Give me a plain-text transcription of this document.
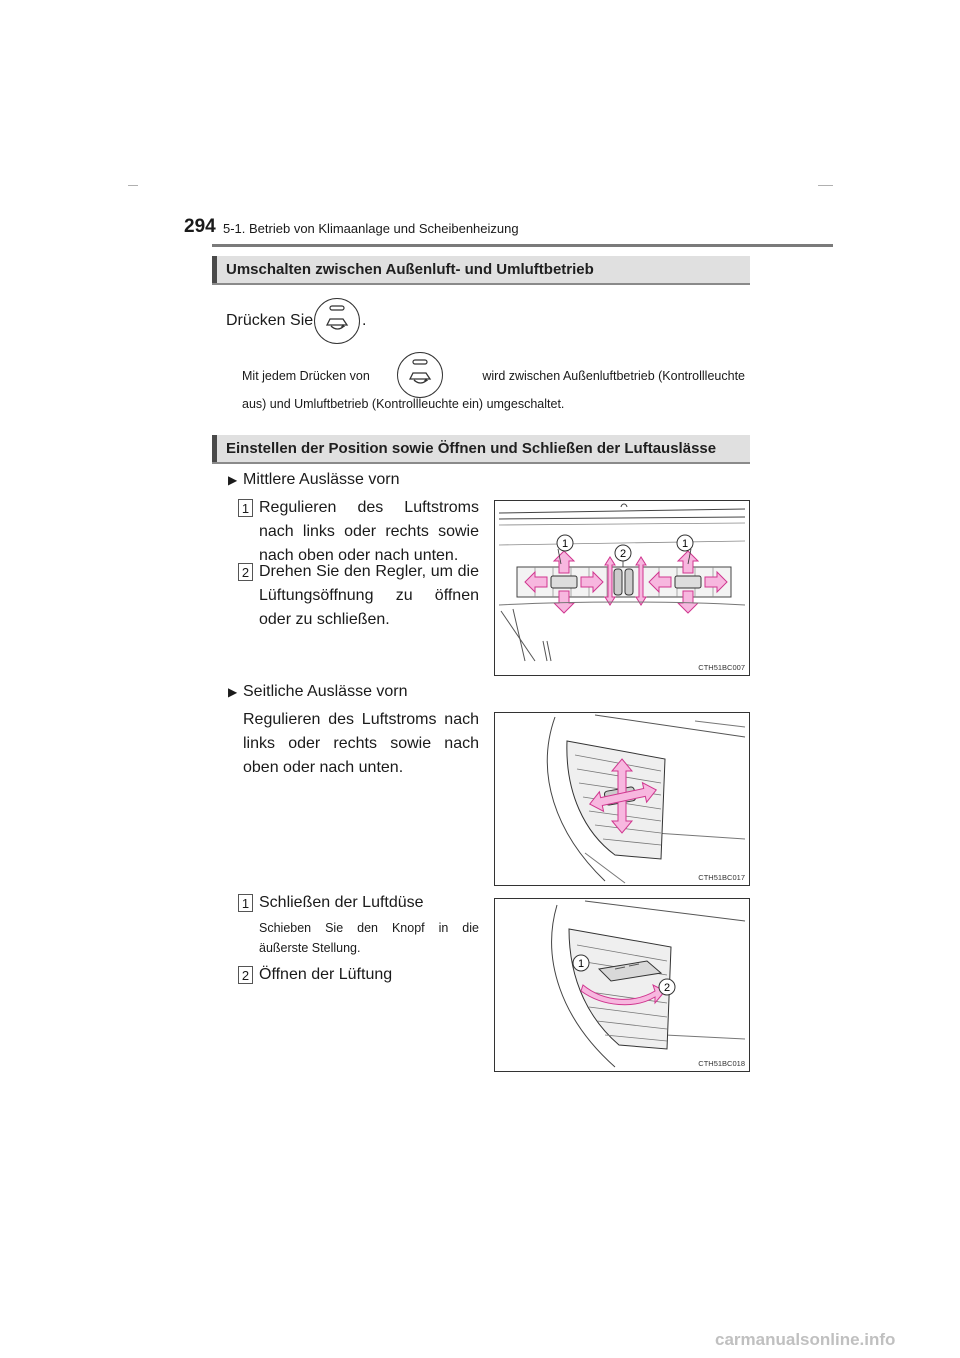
294 5-1. Betrieb von Klimaanlage und Scheibenheizung
Umschalten zwischen Außenluft- und Umluftbetrieb
Drücken Sie	.
Mit jedem Drücken von	wird zwischen Außenluftbetrieb (Kontrollleuchte
aus) und Umluftbetrieb (Kontrollleuchte ein) umgeschaltet.
Einstellen der Position sowie Öffnen und Schließen der Luftauslässe
▶ Mittlere Auslässe vorn
1 Regulieren des Luftstroms nach links oder rechts sowie nach oben oder nach unten.
2 Drehen Sie den Regler, um die Lüftungsöffnung zu öffnen oder zu schließen.
1
2
1
CTH51BC007
▶ Seitliche Auslässe vorn
Regulieren des Luftstroms nach links oder rechts sowie nach oben oder nach unten.
CTH51BC017
1 Schließen der Luftdüse
Schieben Sie den Knopf in die äußerste Stellung.
2 Öffnen der Lüftung
1
2
CTH51BC018
carmanualsonline.info
